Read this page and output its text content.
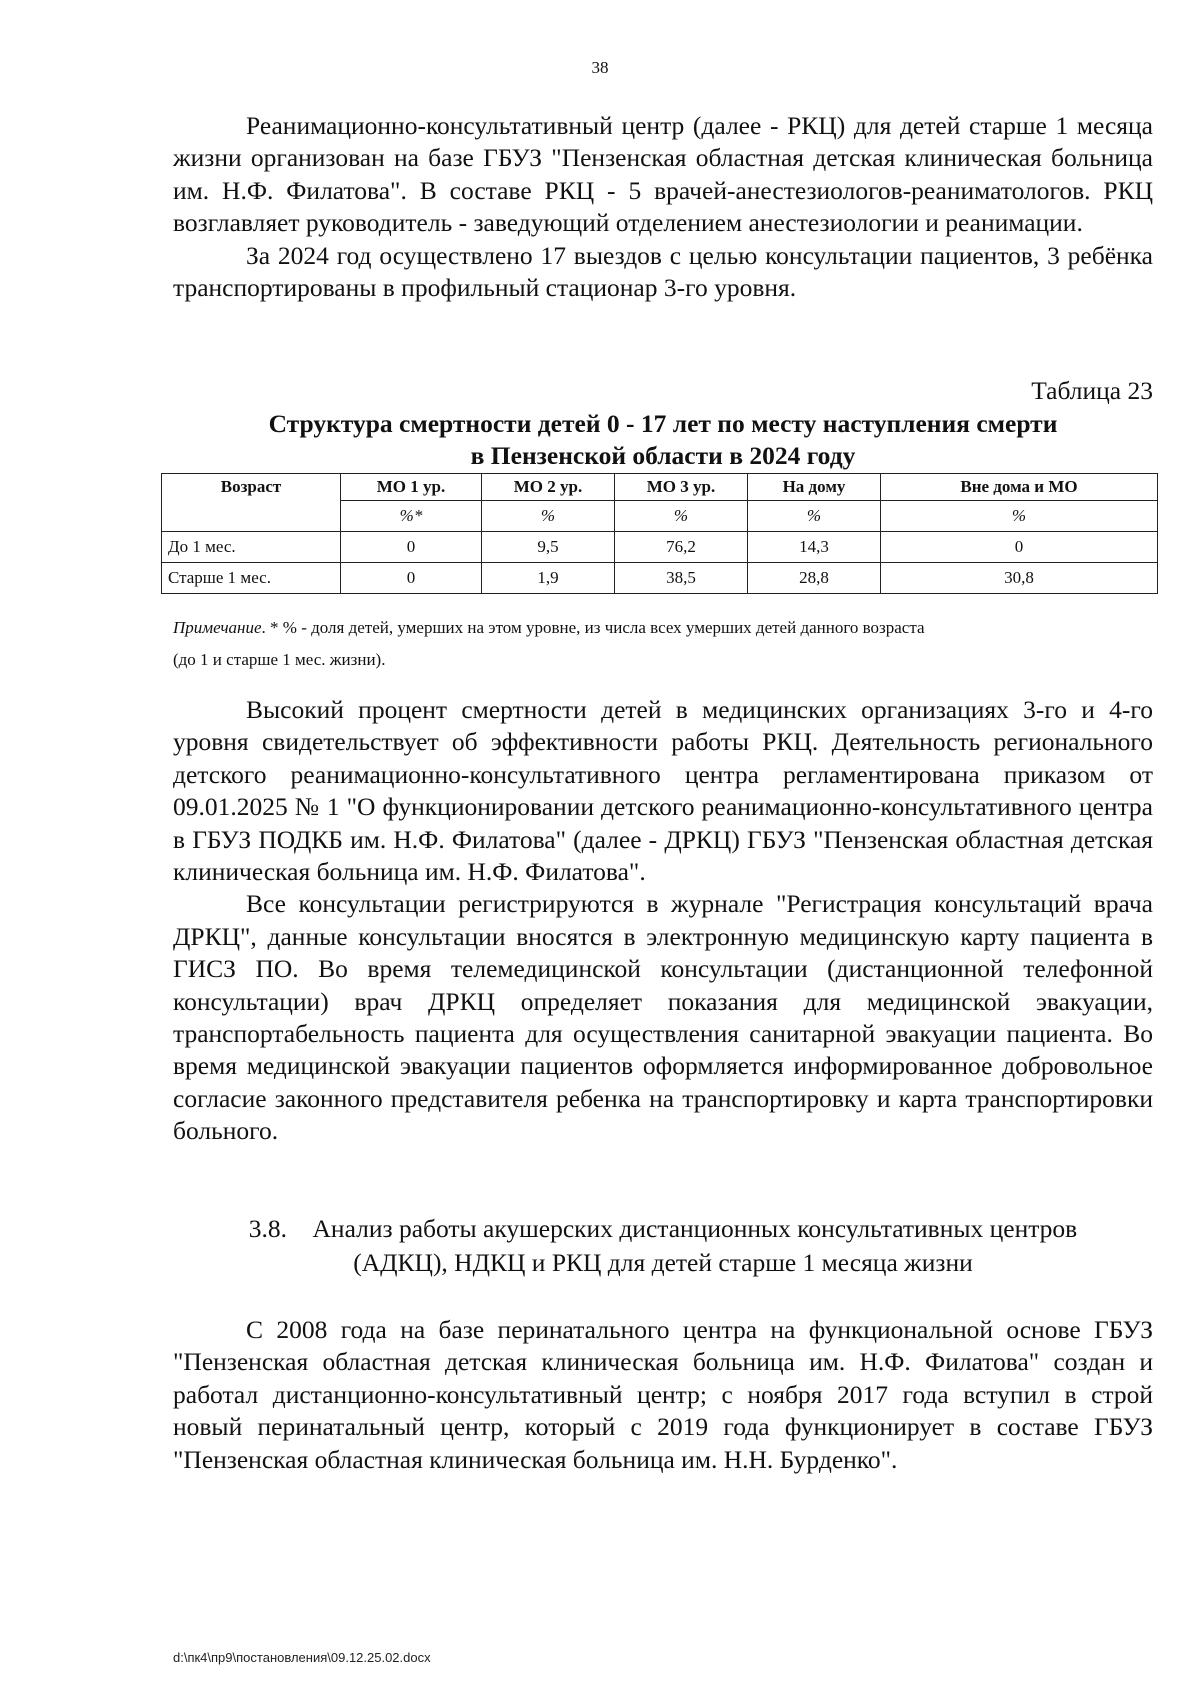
38

Реанимационно-консультативный центр (далее - РКЦ) для детей старше 1 месяца жизни организован на базе ГБУЗ "Пензенская областная детская клиническая больница им. Н.Ф. Филатова". В составе РКЦ - 5 врачей-анестезиологов-реаниматологов. РКЦ возглавляет руководитель - заведующий отделением анестезиологии и реанимации.

За 2024 год осуществлено 17 выездов с целью консультации пациентов, 3 ребёнка транспортированы в профильный стационар 3-го уровня.

Таблица 23
Структура смертности детей 0 - 17 лет по месту наступления смерти
в Пензенской области в 2024 году
Возраст	МО 1 ур.	МО 2 ур.	МО 3 ур.	На дому	Вне дома и МО
	%*	%	%	%	%
До 1 мес.	0	9,5	76,2	14,3	0
Старше 1 мес.	0	1,9	38,5	28,8	30,8
Примечание. * % - доля детей, умерших на этом уровне, из числа всех умерших детей данного возраста
(до 1 и старше 1 мес. жизни).

Высокий процент смертности детей в медицинских организациях 3-го и 4-го уровня свидетельствует об эффективности работы РКЦ. Деятельность регионального детского реанимационно-консультативного центра регламентирована приказом от 09.01.2025 № 1 "О функционировании детского реанимационно-консультативного центра в ГБУЗ ПОДКБ им. Н.Ф. Филатова" (далее - ДРКЦ) ГБУЗ "Пензенская областная детская клиническая больница им. Н.Ф. Филатова".

Все консультации регистрируются в журнале "Регистрация консультаций врача ДРКЦ", данные консультации вносятся в электронную медицинскую карту пациента в ГИСЗ ПО. Во время телемедицинской консультации (дистанционной телефонной консультации) врач ДРКЦ определяет показания для медицинской эвакуации, транспортабельность пациента для осуществления санитарной эвакуации пациента. Во время медицинской эвакуации пациентов оформляется информированное добровольное согласие законного представителя ребенка на транспортировку и карта транспортировки больного.

3.8. Анализ работы акушерских дистанционных консультативных центров
(АДКЦ), НДКЦ и РКЦ для детей старше 1 месяца жизни

С 2008 года на базе перинатального центра на функциональной основе ГБУЗ "Пензенская областная детская клиническая больница им. Н.Ф. Филатова" создан и работал дистанционно-консультативный центр; с ноября 2017 года вступил в строй новый перинатальный центр, который с 2019 года функционирует в составе ГБУЗ "Пензенская областная клиническая больница им. Н.Н. Бурденко".

d:\пк4\пр9\постановления\09.12.25.02.docx
